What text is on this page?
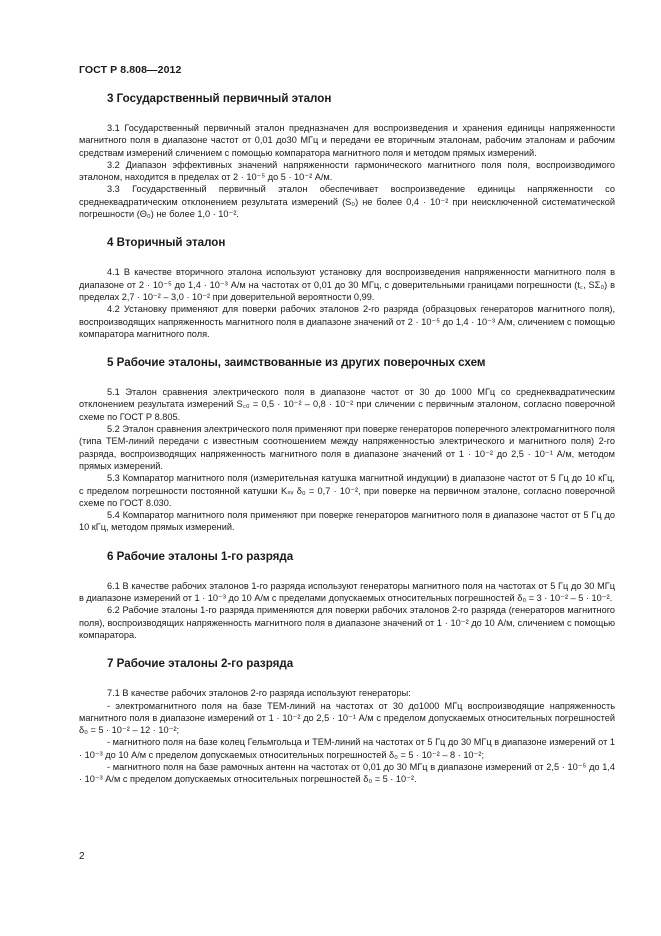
ГОСТ Р 8.808—2012
3 Государственный первичный эталон

3.1 Государственный первичный эталон предназначен для воспроизведения и хранения единицы напряженности магнитного поля в диапазоне частот от 0,01 до30 МГц и передачи ее вторичным эталонам, рабочим эталонам и рабочим средствам измерений сличением с помощью компаратора магнитного поля и методом прямых измерений.

3.2 Диапазон эффективных значений напряженности гармонического магнитного поля поля, воспроизводимого эталоном, находится в пределах от 2 · 10⁻⁵ до 5 · 10⁻² А/м.

3.3 Государственный первичный эталон обеспечивает воспроизведение единицы напряженности со среднеквадратическим отклонением результата измерений (S₀) не более 0,4 · 10⁻² при неисключенной систематической погрешности (Θ₀) не более 1,0 · 10⁻².

4 Вторичный эталон

4.1 В качестве вторичного эталона используют установку для воспроизведения напряженности магнитного поля в диапазоне от 2 · 10⁻⁵ до 1,4 · 10⁻³ А/м на частотах от 0,01 до 30 МГц, с доверительными границами погрешности (t꜀, SΣ₀) в пределах 2,7 · 10⁻² – 3,0 · 10⁻² при доверительной вероятности 0,99.

4.2 Установку применяют для поверки рабочих эталонов 2-го разряда (образцовых генераторов магнитного поля), воспроизводящих напряженность магнитного поля в диапазоне значений от 2 · 10⁻⁵ до 1,4 · 10⁻³ А/м, сличением с помощью компаратора магнитного поля.

5 Рабочие эталоны, заимствованные из других поверочных схем

5.1 Эталон сравнения электрического поля в диапазоне частот от 30 до 1000 МГц со среднеквадратическим отклонением результата измерений S꜀₀ = 0,5 · 10⁻² – 0,8 · 10⁻² при сличении с первичным эталоном, согласно поверочной схеме по ГОСТ Р 8.805.

5.2 Эталон сравнения электрического поля применяют при поверке генераторов поперечного электромагнитного поля (типа ТЕМ-линий передачи с известным соотношением между напряженностью электрического и магнитного поля) 2-го разряда, воспроизводящих напряженность магнитного поля в диапазоне значений от 1 · 10⁻² до 2,5 · 10⁻¹ А/м, методом прямых измерений.

5.3 Компаратор магнитного поля (измерительная катушка магнитной индукции) в диапазоне частот от 5 Гц до 10 кГц, с пределом погрешности постоянной катушки Kₛᵥ δ₀ = 0,7 · 10⁻², при поверке на первичном эталоне, согласно поверочной схеме по ГОСТ 8.030.

5.4 Компаратор магнитного поля применяют при поверке генераторов магнитного поля в диапазоне частот от 5 Гц до 10 кГц, методом прямых измерений.

6 Рабочие эталоны 1-го разряда

6.1 В качестве рабочих эталонов 1-го разряда используют генераторы магнитного поля на частотах от 5 Гц до 30 МГц в диапазоне измерений от 1 · 10⁻³ до 10 А/м с пределами допускаемых относительных погрешностей δ₀ = 3 · 10⁻² – 5 · 10⁻².

6.2 Рабочие эталоны 1-го разряда применяются для поверки рабочих эталонов 2-го разряда (генераторов магнитного поля), воспроизводящих напряженность магнитного поля в диапазоне значений от 1 · 10⁻² до 10 А/м, сличением с помощью компаратора.

7 Рабочие эталоны 2-го разряда

7.1 В качестве рабочих эталонов 2-го разряда используют генераторы:

- электромагнитного поля на базе ТЕМ-линий на частотах от 30 до1000 МГц воспроизводящие напряженность магнитного поля в диапазоне измерений от 1 · 10⁻² до 2,5 · 10⁻¹ А/м с пределом допускаемых относительных погрешностей δ₀ = 5 · 10⁻² – 12 · 10⁻²;

- магнитного поля на базе колец Гельмгольца и ТЕМ-линий на частотах от 5 Гц до 30 МГц в диапазоне измерений от 1 · 10⁻³ до 10 А/м с пределом допускаемых относительных погрешностей δ₀ = 5 · 10⁻² – 8 · 10⁻²;

- магнитного поля на базе рамочных антенн на частотах от 0,01 до 30 МГц в диапазоне измерений от 2,5 · 10⁻⁵ до 1,4 · 10⁻³ А/м с пределом допускаемых относительных погрешностей δ₀ = 5 · 10⁻².

2
